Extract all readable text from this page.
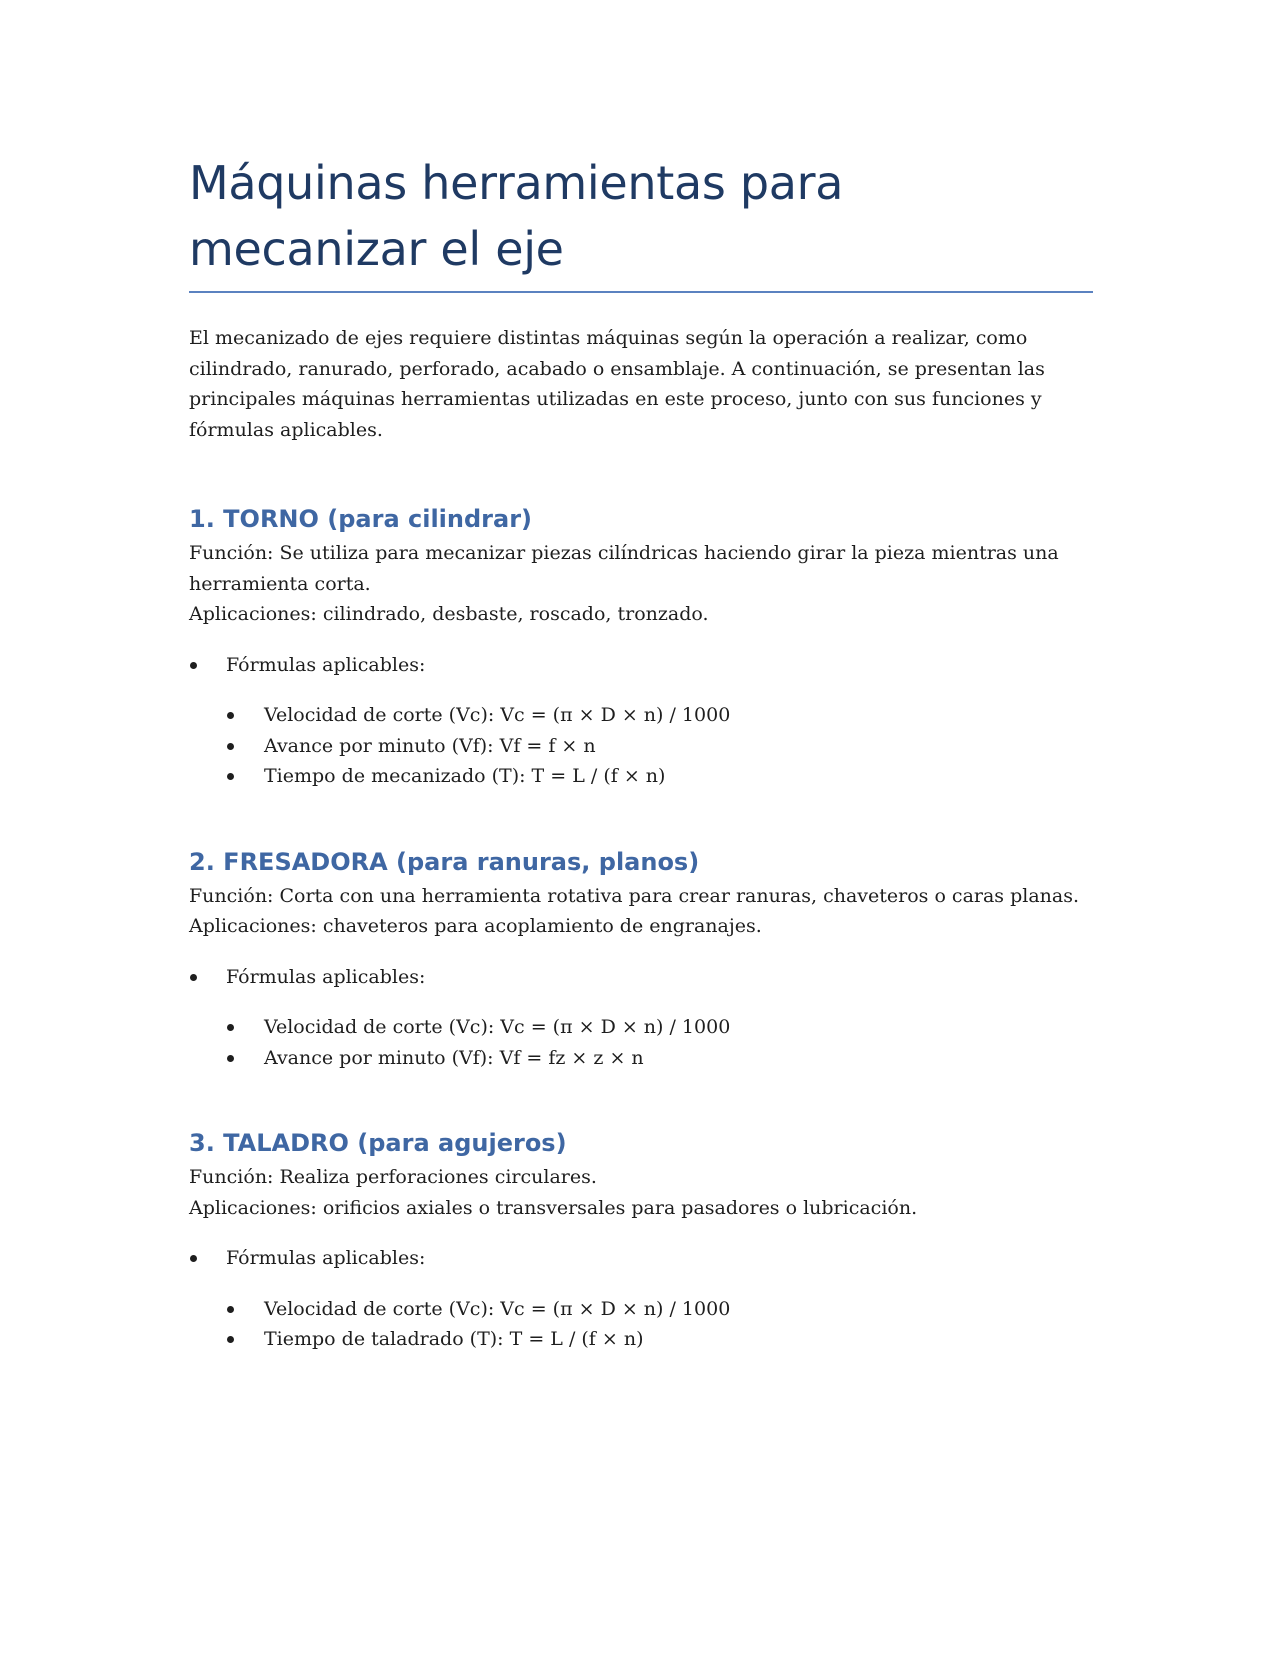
Máquinas herramientas para mecanizar el eje

El mecanizado de ejes requiere distintas máquinas según la operación a realizar, como cilindrado, ranurado, perforado, acabado o ensamblaje. A continuación, se presentan las principales máquinas herramientas utilizadas en este proceso, junto con sus funciones y fórmulas aplicables.

1. TORNO (para cilindrar)
Función: Se utiliza para mecanizar piezas cilíndricas haciendo girar la pieza mientras una herramienta corta.
Aplicaciones: cilindrado, desbaste, roscado, tronzado.
Fórmulas aplicables:
Velocidad de corte (Vc): Vc = (π × D × n) / 1000
Avance por minuto (Vf): Vf = f × n
Tiempo de mecanizado (T): T = L / (f × n)
2. FRESADORA (para ranuras, planos)
Función: Corta con una herramienta rotativa para crear ranuras, chaveteros o caras planas.
Aplicaciones: chaveteros para acoplamiento de engranajes.
Fórmulas aplicables:
Velocidad de corte (Vc): Vc = (π × D × n) / 1000
Avance por minuto (Vf): Vf = fz × z × n
3. TALADRO (para agujeros)
Función: Realiza perforaciones circulares.
Aplicaciones: orificios axiales o transversales para pasadores o lubricación.
Fórmulas aplicables:
Velocidad de corte (Vc): Vc = (π × D × n) / 1000
Tiempo de taladrado (T): T = L / (f × n)
